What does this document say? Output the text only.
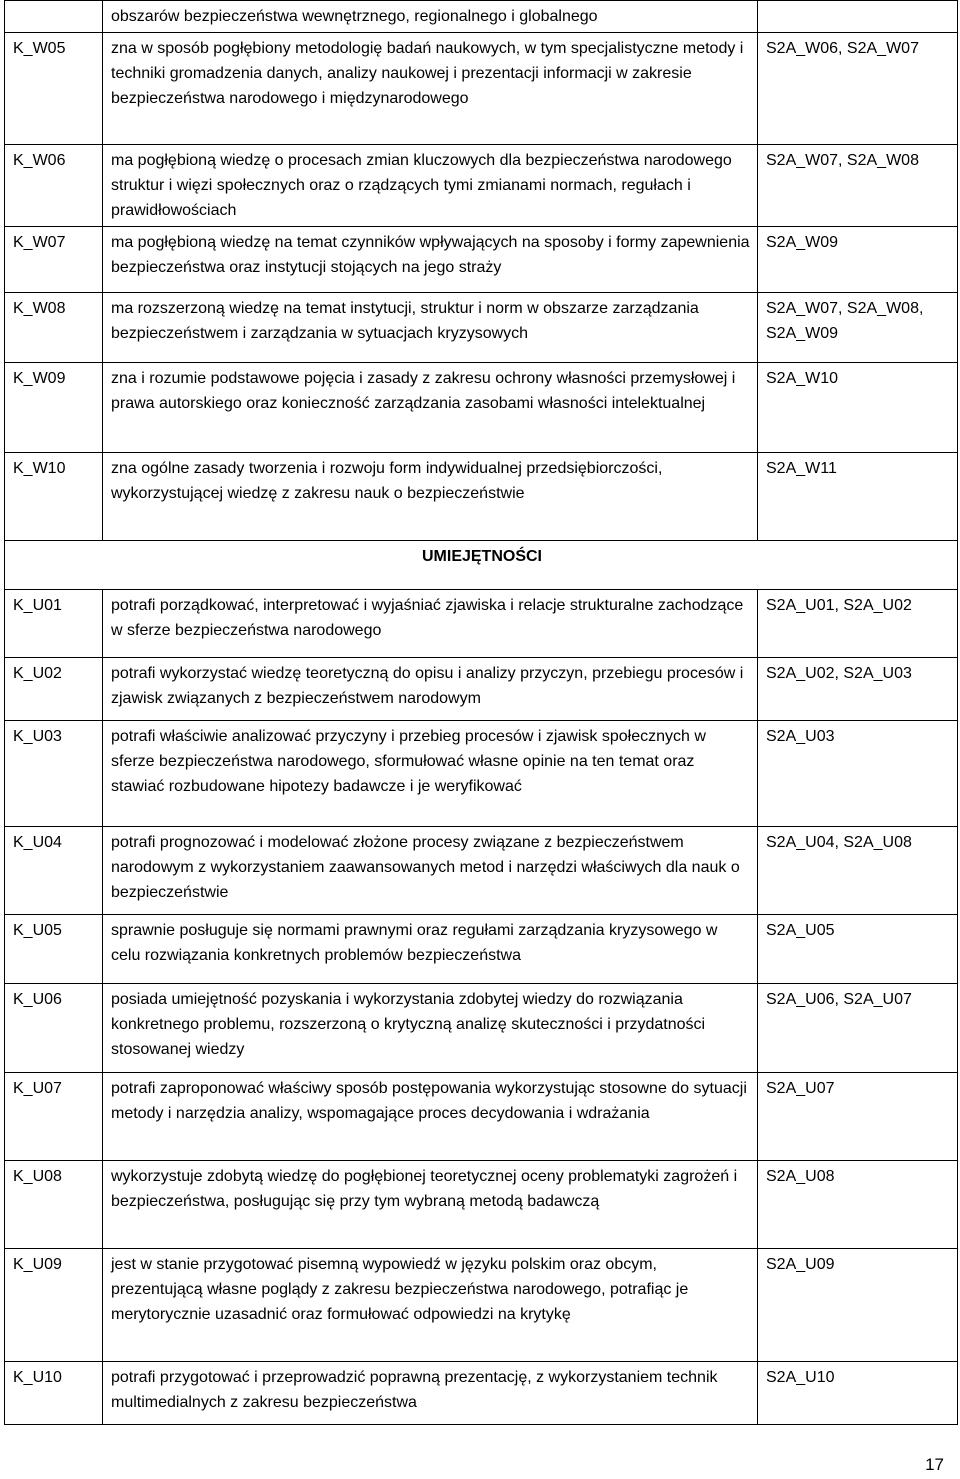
	obszarów bezpieczeństwa wewnętrznego, regionalnego i globalnego	
K_W05	zna w sposób pogłębiony metodologię badań naukowych, w tym specjalistyczne metody i techniki gromadzenia danych, analizy naukowej i prezentacji informacji w zakresie bezpieczeństwa narodowego i międzynarodowego	S2A_W06, S2A_W07
K_W06	ma pogłębioną wiedzę o procesach zmian kluczowych dla bezpieczeństwa narodowego struktur i więzi społecznych oraz o rządzących tymi zmianami normach, regułach i prawidłowościach	S2A_W07, S2A_W08
K_W07	ma pogłębioną wiedzę na temat czynników wpływających na sposoby i formy zapewnienia bezpieczeństwa oraz instytucji stojących na jego straży	S2A_W09
K_W08	ma rozszerzoną wiedzę na temat instytucji, struktur i norm w obszarze zarządzania bezpieczeństwem i zarządzania w sytuacjach kryzysowych	S2A_W07, S2A_W08, S2A_W09
K_W09	zna i rozumie podstawowe pojęcia i zasady z zakresu ochrony własności przemysłowej i prawa autorskiego oraz konieczność zarządzania zasobami własności intelektualnej	S2A_W10
K_W10	zna ogólne zasady tworzenia i rozwoju form indywidualnej przedsiębiorczości, wykorzystującej wiedzę z zakresu nauk o bezpieczeństwie	S2A_W11
UMIEJĘTNOŚCI		
K_U01	potrafi porządkować, interpretować i wyjaśniać zjawiska i relacje strukturalne zachodzące w sferze bezpieczeństwa narodowego	S2A_U01, S2A_U02
K_U02	potrafi wykorzystać wiedzę teoretyczną do opisu i analizy przyczyn, przebiegu procesów i zjawisk związanych z bezpieczeństwem narodowym	S2A_U02, S2A_U03
K_U03	potrafi właściwie analizować przyczyny i przebieg procesów i zjawisk społecznych w sferze bezpieczeństwa narodowego, sformułować własne opinie na ten temat oraz stawiać rozbudowane hipotezy badawcze i je weryfikować	S2A_U03
K_U04	potrafi prognozować i modelować złożone procesy związane z bezpieczeństwem narodowym z wykorzystaniem zaawansowanych metod i narzędzi właściwych dla nauk o bezpieczeństwie	S2A_U04, S2A_U08
K_U05	sprawnie posługuje się normami prawnymi oraz regułami zarządzania kryzysowego w celu rozwiązania konkretnych problemów bezpieczeństwa	S2A_U05
K_U06	posiada umiejętność pozyskania i wykorzystania zdobytej wiedzy do rozwiązania konkretnego problemu, rozszerzoną o krytyczną analizę skuteczności i przydatności stosowanej wiedzy	S2A_U06, S2A_U07
K_U07	potrafi zaproponować właściwy sposób postępowania wykorzystując stosowne do sytuacji metody i narzędzia analizy, wspomagające proces decydowania i wdrażania	S2A_U07
K_U08	wykorzystuje zdobytą wiedzę do pogłębionej teoretycznej oceny problematyki zagrożeń i bezpieczeństwa, posługując się przy tym wybraną metodą badawczą	S2A_U08
K_U09	jest w stanie przygotować pisemną wypowiedź w języku polskim oraz obcym, prezentującą własne poglądy z zakresu bezpieczeństwa narodowego, potrafiąc je merytorycznie uzasadnić oraz formułować odpowiedzi na krytykę	S2A_U09
K_U10	potrafi przygotować i przeprowadzić poprawną prezentację, z wykorzystaniem technik multimedialnych z zakresu bezpieczeństwa	S2A_U10
17
